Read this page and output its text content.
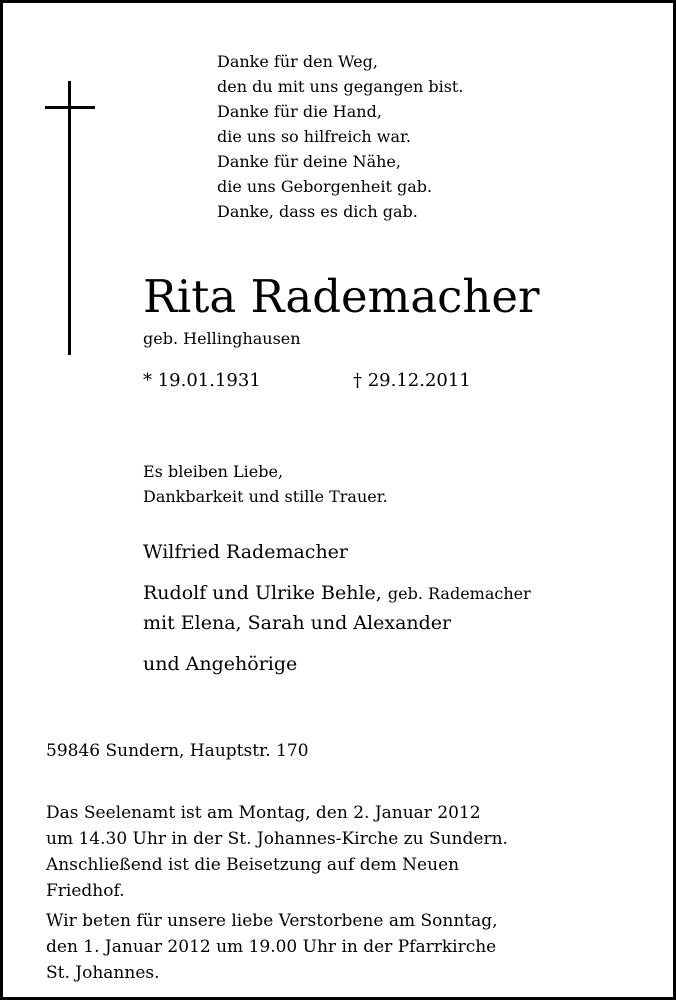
Danke für den Weg,
den du mit uns gegangen bist.
Danke für die Hand,
die uns so hilfreich war.
Danke für deine Nähe,
die uns Geborgenheit gab.
Danke, dass es dich gab.
Rita Rademacher
geb. Hellinghausen
* 19.01.1931	† 29.12.2011
Es bleiben Liebe,
Dankbarkeit und stille Trauer.
Wilfried Rademacher
Rudolf und Ulrike Behle, geb. Rademacher
mit Elena, Sarah und Alexander
und Angehörige
59846 Sundern, Hauptstr. 170
Das Seelenamt ist am Montag, den 2. Januar 2012
um 14.30 Uhr in der St. Johannes-Kirche zu Sundern.
Anschließend ist die Beisetzung auf dem Neuen
Friedhof.
Wir beten für unsere liebe Verstorbene am Sonntag,
den 1. Januar 2012 um 19.00 Uhr in der Pfarrkirche
St. Johannes.
